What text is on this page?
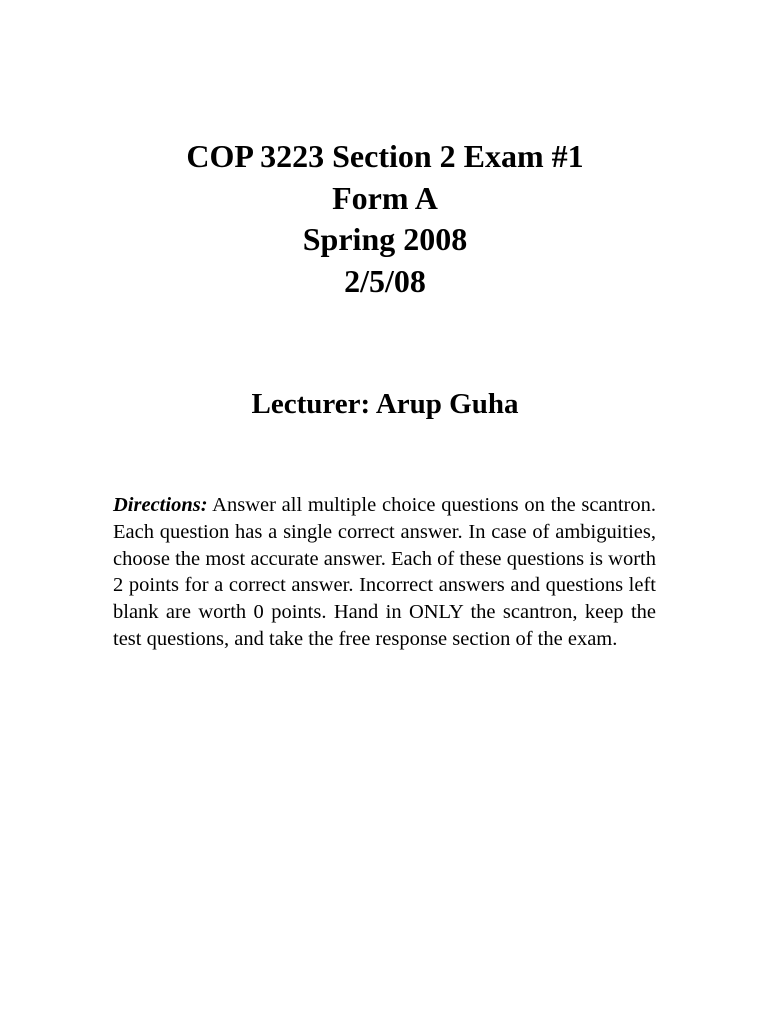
COP 3223 Section 2 Exam #1
Form A
Spring 2008
2/5/08
Lecturer: Arup Guha

Directions: Answer all multiple choice questions on the scantron. Each question has a single correct answer. In case of ambiguities, choose the most accurate answer. Each of these questions is worth 2 points for a correct answer. Incorrect answers and questions left blank are worth 0 points. Hand in ONLY the scantron, keep the test questions, and take the free response section of the exam.
